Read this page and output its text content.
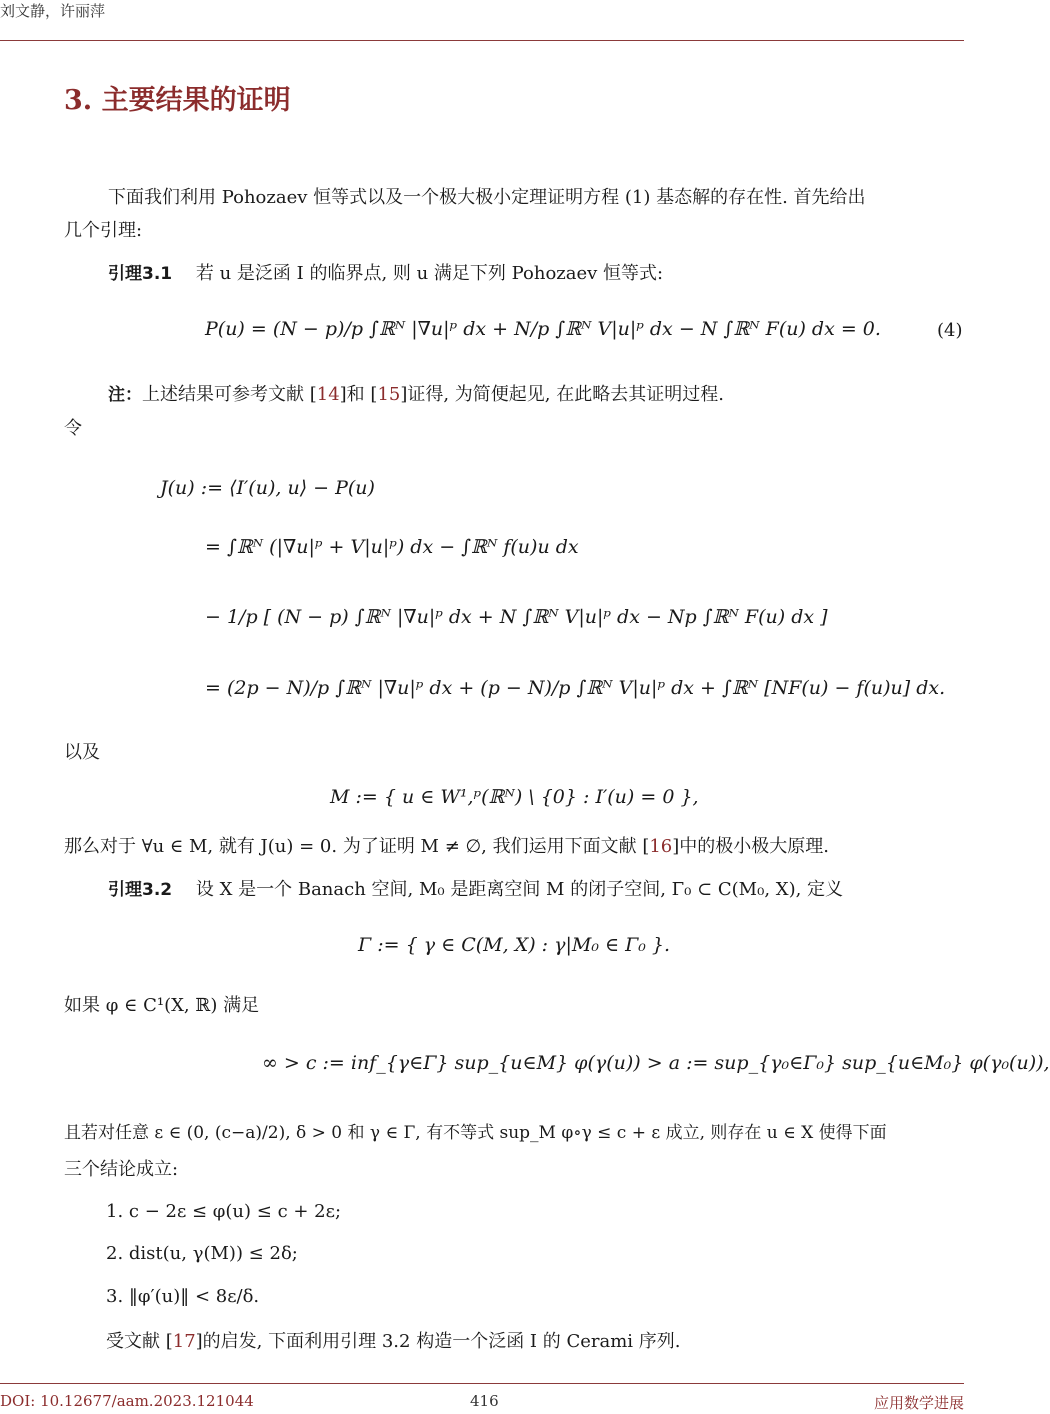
刘文静，许丽萍
3. 主要结果的证明
下面我们利用 Pohozaev 恒等式以及一个极大极小定理证明方程 (1) 基态解的存在性. 首先给出
几个引理:
引理3.1 若 u 是泛函 I 的临界点, 则 u 满足下列 Pohozaev 恒等式:
P(u) = (N − p)/p ∫ℝᴺ |∇u|ᵖ dx + N/p ∫ℝᴺ V|u|ᵖ dx − N ∫ℝᴺ F(u) dx = 0.	(4)
注：上述结果可参考文献 [14]和 [15]证得, 为简便起见, 在此略去其证明过程.
令
J(u) := ⟨I′(u), u⟩ − P(u)
= ∫ℝᴺ (|∇u|ᵖ + V|u|ᵖ) dx − ∫ℝᴺ f(u)u dx
− 1/p [ (N − p) ∫ℝᴺ |∇u|ᵖ dx + N ∫ℝᴺ V|u|ᵖ dx − Np ∫ℝᴺ F(u) dx ]
= (2p − N)/p ∫ℝᴺ |∇u|ᵖ dx + (p − N)/p ∫ℝᴺ V|u|ᵖ dx + ∫ℝᴺ [NF(u) − f(u)u] dx.
以及
M := { u ∈ W¹,ᵖ(ℝᴺ) \ {0} : I′(u) = 0 },
那么对于 ∀u ∈ M, 就有 J(u) = 0. 为了证明 M ≠ ∅, 我们运用下面文献 [16]中的极小极大原理.
引理3.2 设 X 是一个 Banach 空间, M₀ 是距离空间 M 的闭子空间, Γ₀ ⊂ C(M₀, X), 定义
Γ := { γ ∈ C(M, X) : γ|M₀ ∈ Γ₀ }.
如果 φ ∈ C¹(X, ℝ) 满足
∞ > c := inf_{γ∈Γ} sup_{u∈M} φ(γ(u)) > a := sup_{γ₀∈Γ₀} sup_{u∈M₀} φ(γ₀(u)),
且若对任意 ε ∈ (0, (c−a)/2), δ > 0 和 γ ∈ Γ, 有不等式 sup_M φ∘γ ≤ c + ε 成立, 则存在 u ∈ X 使得下面
三个结论成立:
1. c − 2ε ≤ φ(u) ≤ c + 2ε;
2. dist(u, γ(M)) ≤ 2δ;
3. ‖φ′(u)‖ < 8ε/δ.
受文献 [17]的启发, 下面利用引理 3.2 构造一个泛函 I 的 Cerami 序列.
DOI: 10.12677/aam.2023.121044	416	应用数学进展
